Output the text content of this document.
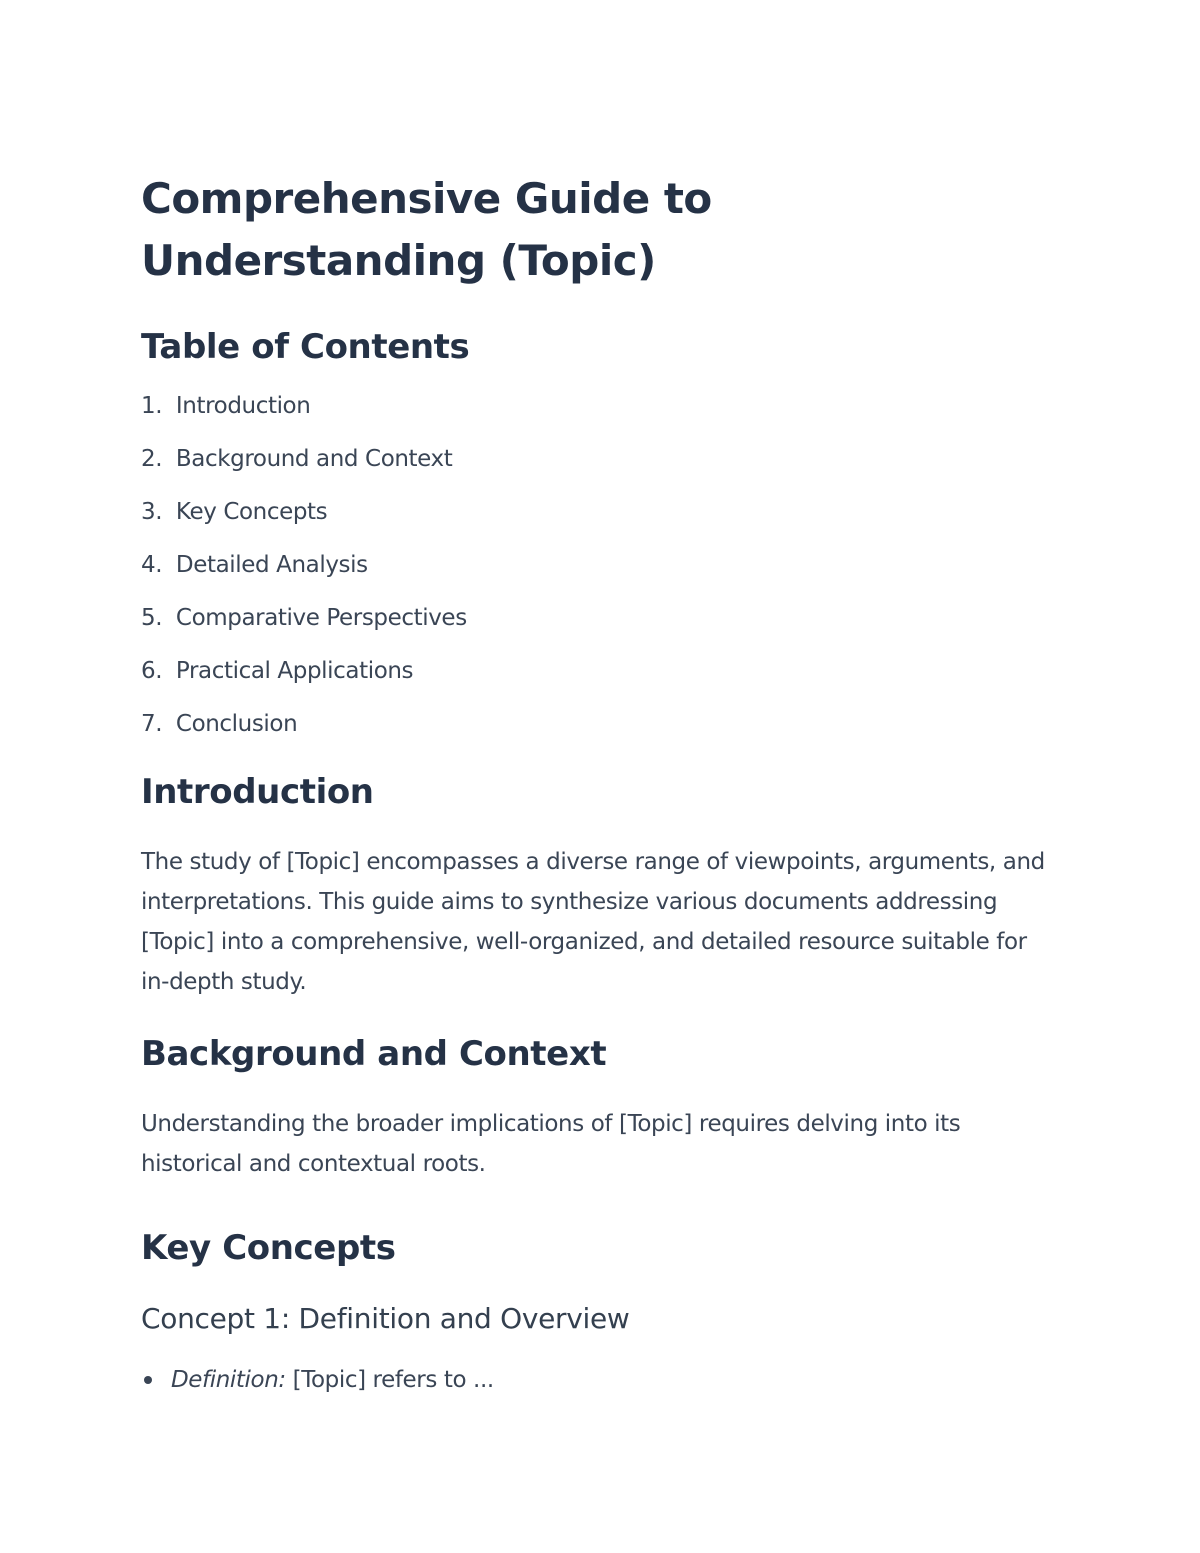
Comprehensive Guide to Understanding (Topic)
Table of Contents
1. Introduction
2. Background and Context
3. Key Concepts
4. Detailed Analysis
5. Comparative Perspectives
6. Practical Applications
7. Conclusion
Introduction

The study of [Topic] encompasses a diverse range of viewpoints, arguments, and interpretations. This guide aims to synthesize various documents addressing [Topic] into a comprehensive, well-organized, and detailed resource suitable for in-depth study.

Background and Context

Understanding the broader implications of [Topic] requires delving into its historical and contextual roots.

Key Concepts
Concept 1: Definition and Overview
Definition: [Topic] refers to ...
